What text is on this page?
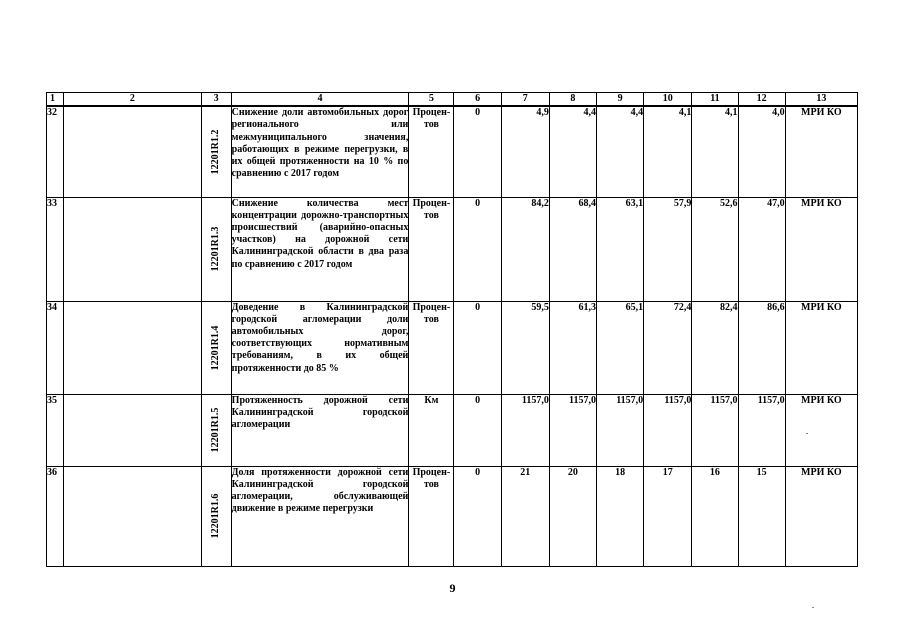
1	2	3	4	5	6	7	8	9	10	11	12	13
32		12201R1.2	Снижение доли автомобильных дорог регионального или межмуниципального значения, работающих в режиме перегрузки, в их общей протяженности на 10 % по сравнению с 2017 годом	Процен-тов	0	4,9	4,4	4,4	4,1	4,1	4,0	МРИ КО
33		12201R1.3	Снижение количества мест концентрации дорожно-транспортных происшествий (аварийно-опасных участков) на дорожной сети Калининградской области в два раза по сравнению с 2017 годом	Процен-тов	0	84,2	68,4	63,1	57,9	52,6	47,0	МРИ КО
34		12201R1.4	Доведение в Калининградской городской агломерации доли автомобильных дорог, соответствующих нормативным требованиям, в их общей протяженности до 85 %	Процен-тов	0	59,5	61,3	65,1	72,4	82,4	86,6	МРИ КО
35		12201R1.5	Протяженность дорожной сети Калининградской городской агломерации	Км	0	1157,0	1157,0	1157,0	1157,0	1157,0	1157,0	МРИ КО
36		12201R1.6	Доля протяженности дорожной сети Калининградской городской агломерации, обслуживающей движение в режиме перегрузки	Процен-тов	0	21	20	18	17	16	15	МРИ КО
9
